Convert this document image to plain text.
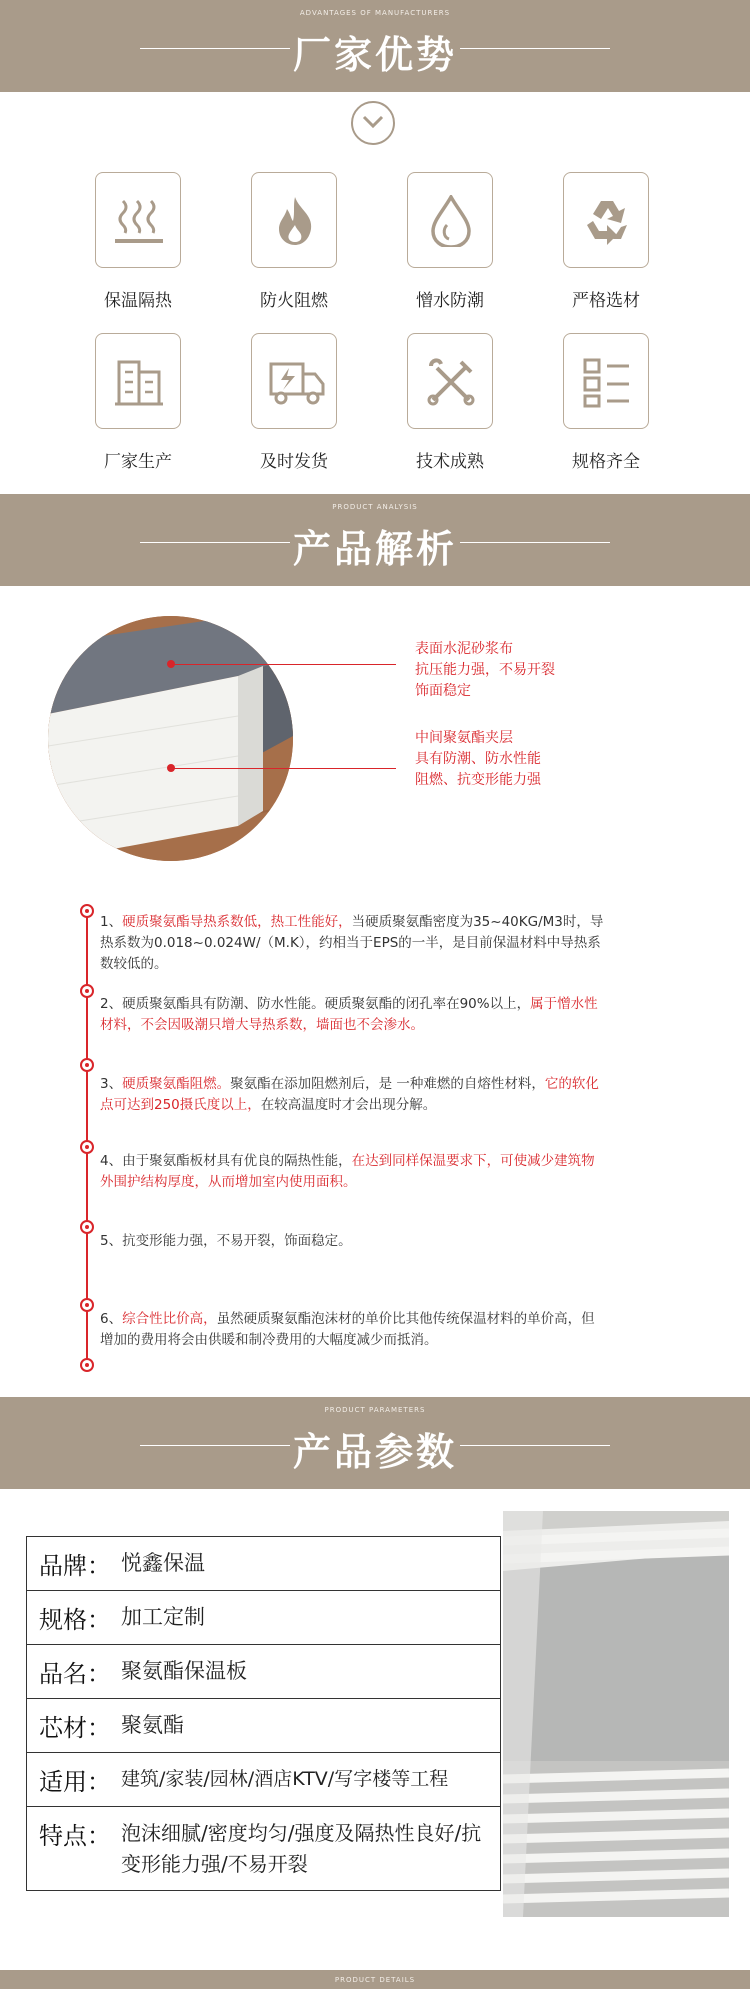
ADVANTAGES OF MANUFACTURERS
厂家优势
保温隔热	防火阻燃	憎水防潮	严格选材
厂家生产	及时发货	技术成熟	规格齐全
PRODUCT ANALYSIS
产品解析
表面水泥砂浆布
抗压能力强，不易开裂
饰面稳定
中间聚氨酯夹层
具有防潮、防水性能
阻燃、抗变形能力强
1、硬质聚氨酯导热系数低，热工性能好，当硬质聚氨酯密度为35~40KG/M3时，导热系数为0.018~0.024W/（M.K），约相当于EPS的一半，是目前保温材料中导热系数较低的。
2、硬质聚氨酯具有防潮、防水性能。硬质聚氨酯的闭孔率在90%以上，属于憎水性材料，不会因吸潮只增大导热系数，墙面也不会渗水。
3、硬质聚氨酯阻燃。聚氨酯在添加阻燃剂后，是 一种难燃的自熔性材料，它的软化点可达到250摄氏度以上，在较高温度时才会出现分解。
4、由于聚氨酯板材具有优良的隔热性能，在达到同样保温要求下，可使减少建筑物外围护结构厚度，从而增加室内使用面积。
5、抗变形能力强，不易开裂，饰面稳定。
6、综合性比价高，虽然硬质聚氨酯泡沫材的单价比其他传统保温材料的单价高，但增加的费用将会由供暖和制冷费用的大幅度减少而抵消。
PRODUCT PARAMETERS
产品参数
品牌： 悦鑫保温
规格： 加工定制
品名： 聚氨酯保温板
芯材： 聚氨酯
适用： 建筑/家装/园林/酒店KTV/写字楼等工程
特点： 泡沫细腻/密度均匀/强度及隔热性良好/抗变形能力强/不易开裂
PRODUCT DETAILS
